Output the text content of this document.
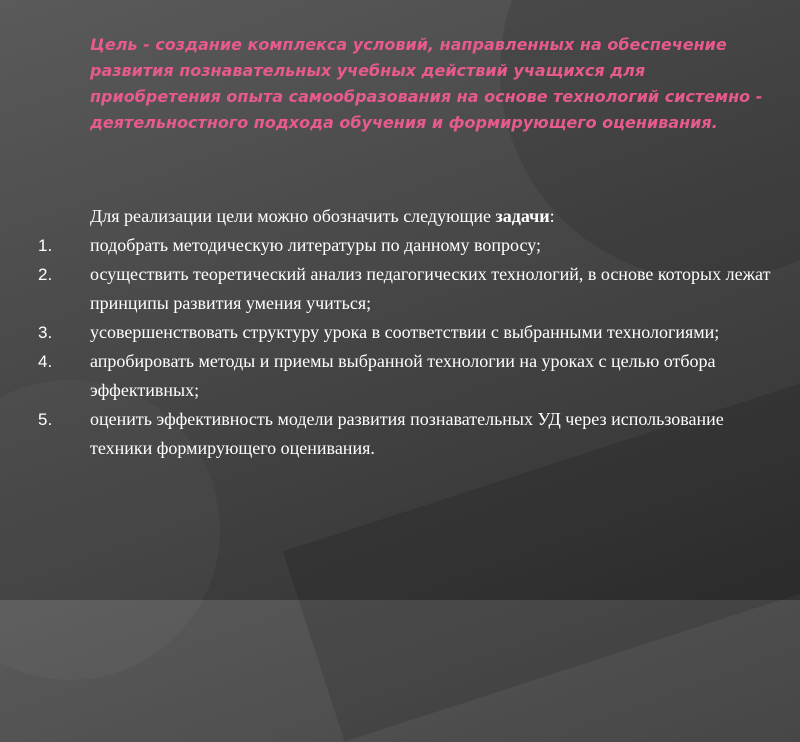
Цель - создание комплекса условий, направленных на обеспечение развития познавательных учебных действий учащихся для приобретения опыта самообразования на основе технологий системно - деятельностного подхода обучения и формирующего оценивания.

Для реализации цели можно обозначить следующие задачи:

1. подобрать методическую литературы по данному вопросу;
2. осуществить теоретический анализ педагогических технологий, в основе которых лежат принципы развития умения учиться;
3. усовершенствовать структуру урока в соответствии с выбранными технологиями;
4. апробировать методы и приемы выбранной технологии на уроках с целью отбора эффективных;
5. оценить эффективность модели развития познавательных УД через использование техники формирующего оценивания.
